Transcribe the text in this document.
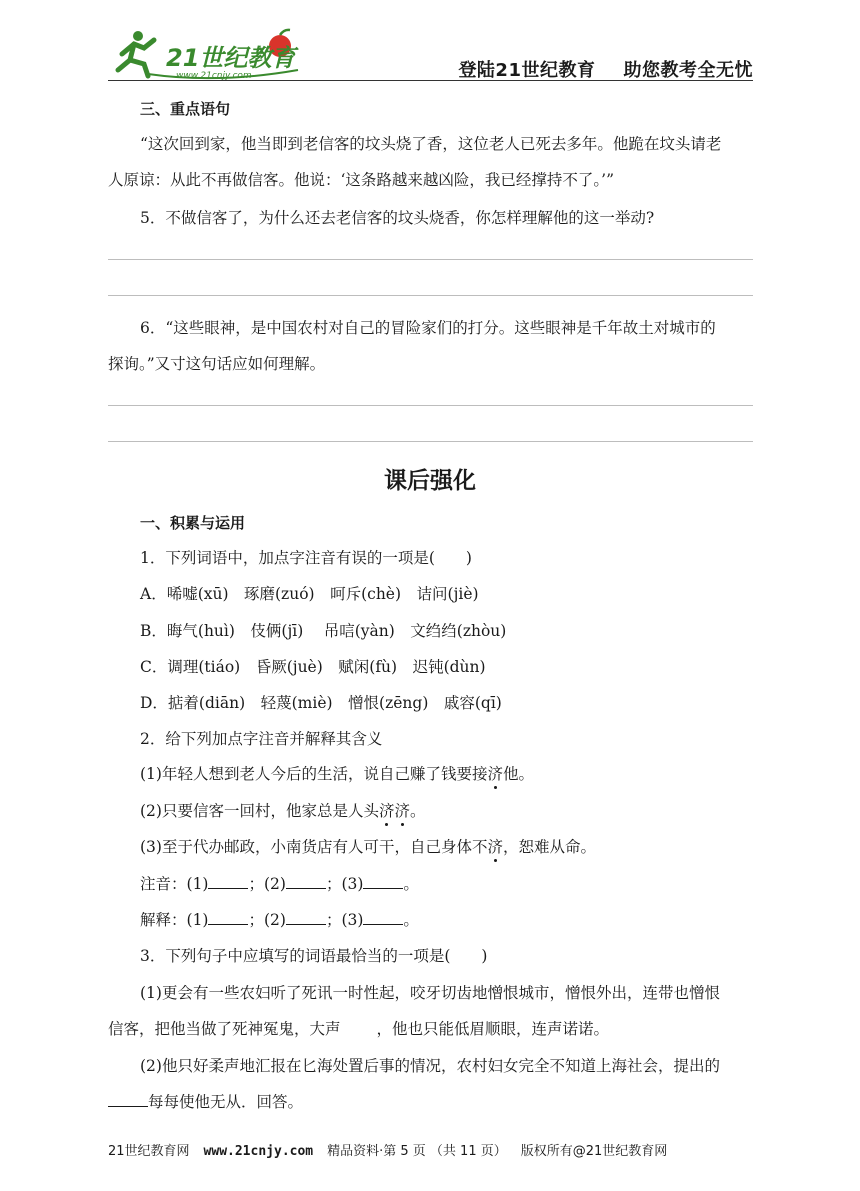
21世纪教育
www.21cnjy.com	登陆21世纪教育 助您教考全无忧
三、重点语句
“这次回到家，他当即到老信客的坟头烧了香，这位老人已死去多年。他跪在坟头请老
人原谅：从此不再做信客。他说：‘这条路越来越凶险，我已经撑持不了。’”
5．不做信客了，为什么还去老信客的坟头烧香，你怎样理解他的这一举动?
6．“这些眼神，是中国农村对自己的冒险家们的打分。这些眼神是千年故土对城市的
探询。”又寸这句话应如何理解。
课后强化
一、积累与运用
1．下列词语中，加点字注音有误的一项是(　　)
A．唏嘘(xū)　琢磨(zuó)　呵斥(chè)　诘问(jiè)
B．晦气(huì)　伎俩(jī)　 吊唁(yàn)　文绉绉(zhòu)
C．调理(tiáo)　昏厥(juè)　赋闲(fù)　迟钝(dùn)
D．掂着(diān)　轻蔑(miè)　憎恨(zēng)　戚容(qī)
2．给下列加点字注音并解释其含义
(1)年轻人想到老人今后的生活，说自己赚了钱要接济他。
(2)只要信客一回村，他家总是人头济济。
(3)至于代办邮政，小南货店有人可干，自己身体不济，恕难从命。
注音：(1)	；(2)	；(3)	。
解释：(1)	；(2)	；(3)	。
3．下列句子中应填写的词语最恰当的一项是(　　)
(1)更会有一些农妇听了死讯一时性起，咬牙切齿地憎恨城市，憎恨外出，连带也憎恨
信客，把他当做了死神冤鬼，大声 ，他也只能低眉顺眼，连声诺诺。
(2)他只好柔声地汇报在匕海处置后事的情况，农村妇女完全不知道上海社会，提出的
每每使他无从．回答。
21世纪教育网 www.21cnjy.com 精品资料·第 5 页 （共 11 页） 版权所有@21世纪教育网
